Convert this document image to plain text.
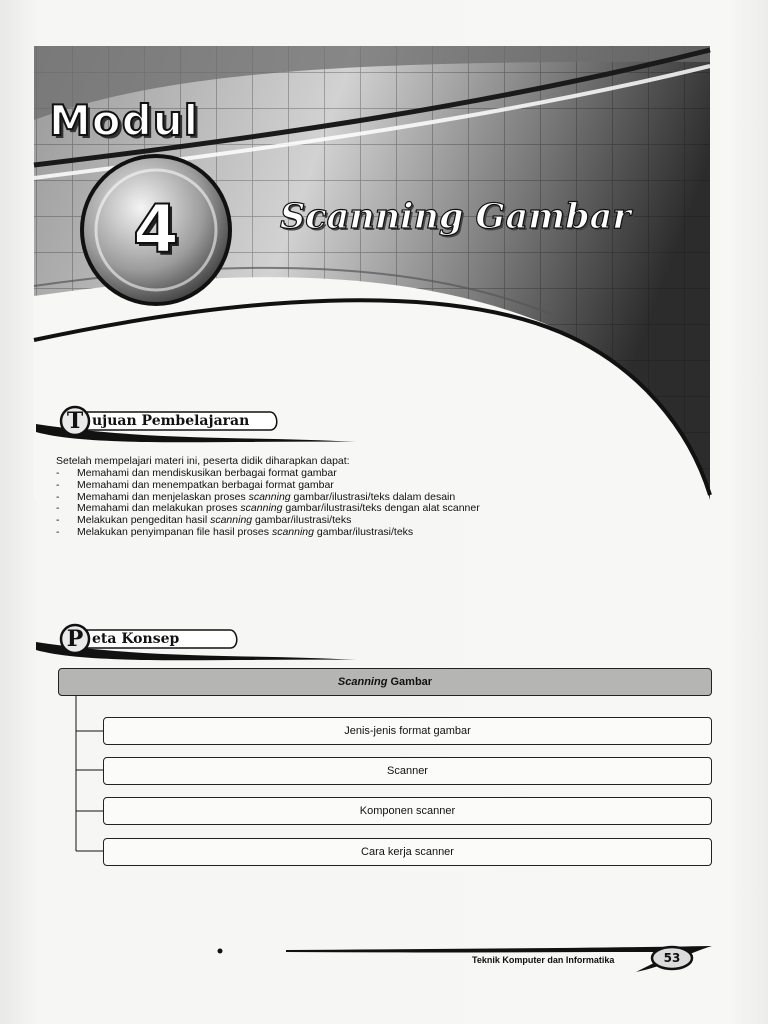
Modul
4	Scanning Gambar
T ujuan Pembelajaran
Setelah mempelajari materi ini, peserta didik diharapkan dapat:
- Memahami dan mendiskusikan berbagai format gambar
- Memahami dan menempatkan berbagai format gambar
- Memahami dan menjelaskan proses scanning gambar/ilustrasi/teks dalam desain
- Memahami dan melakukan proses scanning gambar/ilustrasi/teks dengan alat scanner
- Melakukan pengeditan hasil scanning gambar/ilustrasi/teks
- Melakukan penyimpanan file hasil proses scanning gambar/ilustrasi/teks
P eta Konsep
Scanning Gambar
Jenis-jenis format gambar
Scanner
Komponen scanner
Cara kerja scanner
Teknik Komputer dan Informatika	53
